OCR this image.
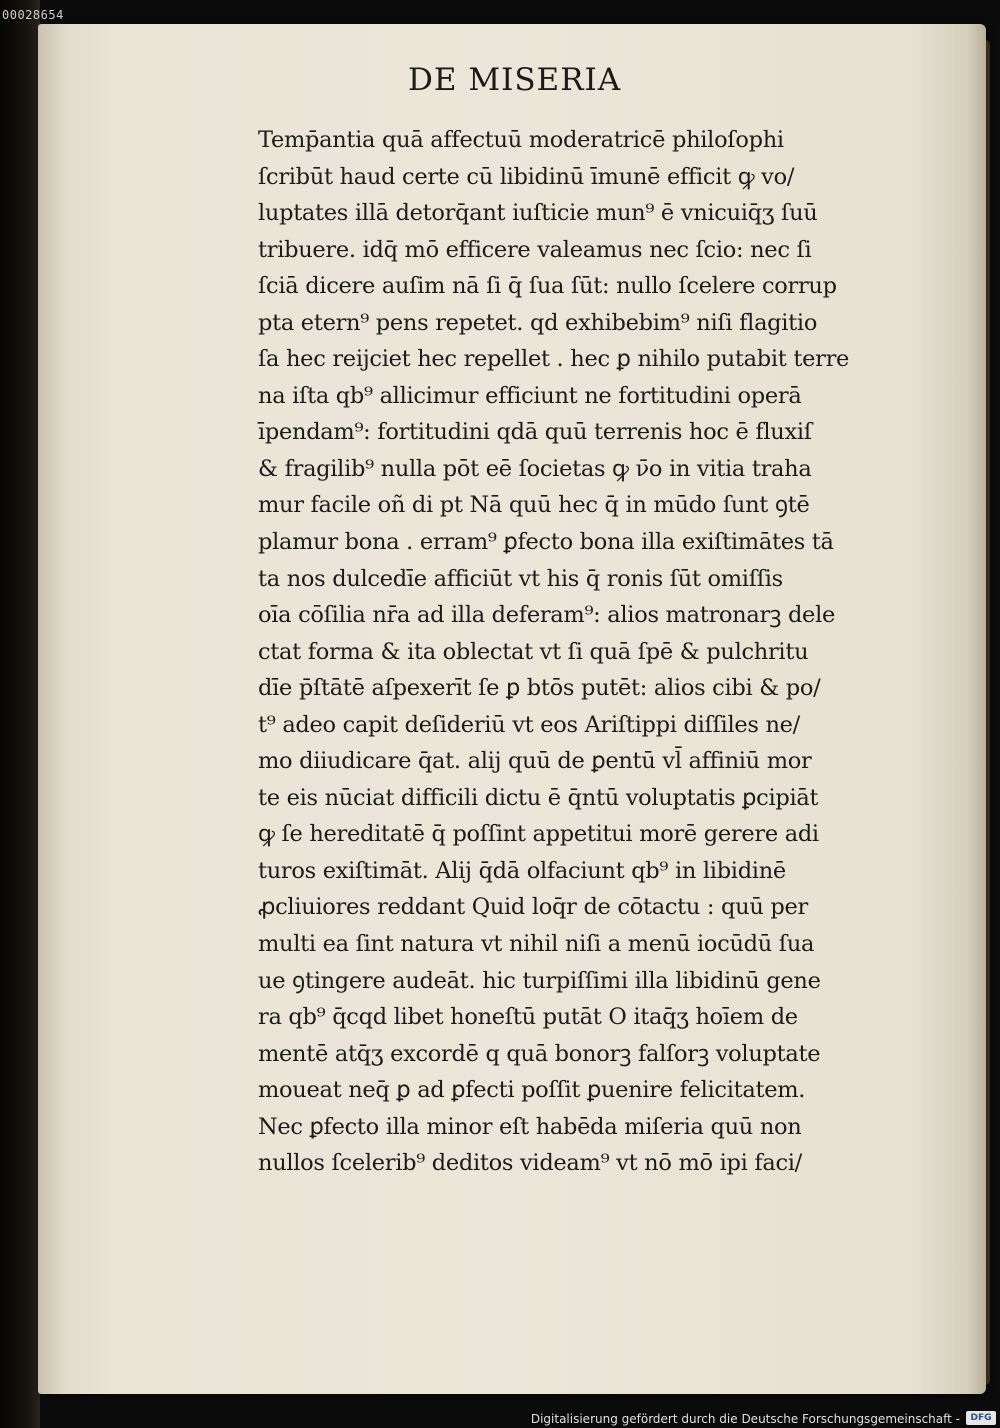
00028654
DE MISERIA
Temp̄antia quā affectuū moderatricē philoſophi
ſcribūt haud certe cū libidinū īmunē efficit ꝙ vo/
luptates illā detorq̄ant iuſticie mun⁹ ē vnicuiq̄ʒ ſuū
tribuere. idq̄ mō efficere valeamus nec ſcio: nec ſi
ſciā dicere auſim nā ſi q̄ ſua ſūt: nullo ſcelere corrup
pta etern⁹ pens repetet. qd exhibebim⁹ niſi flagitio
ſa hec reijciet hec repellet . hec ꝑ nihilo putabit terre
na iſta qb⁹ allicimur efficiunt ne fortitudini operā
īpendam⁹: fortitudini qdā quū terrenis hoc ē fluxiſ
& fragilib⁹ nulla pōt eē ſocietas ꝙ ν̄o in vitia traha
mur facile oñ di pt Nā quū hec q̄ in mūdo ſunt ꝯtē
plamur bona . erram⁹ ꝑfecto bona illa exiſtimātes tā
ta nos dulcedīe afficiūt vt his q̄ ronis ſūt omiſſis
oīa cōſilia nr̄a ad illa deferam⁹: alios matronarꝫ dele
ctat forma & ita oblectat vt ſi quā ſpē & pulchritu
dīe p̄ſtātē aſpexerīt ſe ꝑ btōs putēt: alios cibi & po/
t⁹ adeo capit deſideriū vt eos Ariſtippi diſſiles ne/
mo diiudicare q̄at. alij quū de ꝑentū vl̄ affiniū mor
te eis nūciat difficili dictu ē q̄ntū voluptatis ꝑcipiāt
ꝙ ſe hereditatē q̄ poſſint appetitui morē gerere adi
turos exiſtimāt. Alij q̄dā olfaciunt qb⁹ in libidinē
ꝓcliuiores reddant Quid loq̄r de cōtactu : quū per
multi ea ſint natura vt nihil niſi a menū iocūdū ſua
ue ꝯtingere audeāt. hic turpiſſimi illa libidinū gene
ra qb⁹ q̄cqd libet honeſtū putāt O itaq̄ʒ hoīem de
mentē atq̄ʒ excordē q quā bonorꝫ falſorꝫ voluptate
moueat neq̄ ꝑ ad ꝑfecti poſſit ꝑuenire felicitatem.
Nec ꝑfecto illa minor eſt habēda miſeria quū non
nullos ſcelerib⁹ deditos videam⁹ vt nō mō ipi faci/
Digitalisierung gefördert durch die Deutsche Forschungsgemeinschaft -	DFG
